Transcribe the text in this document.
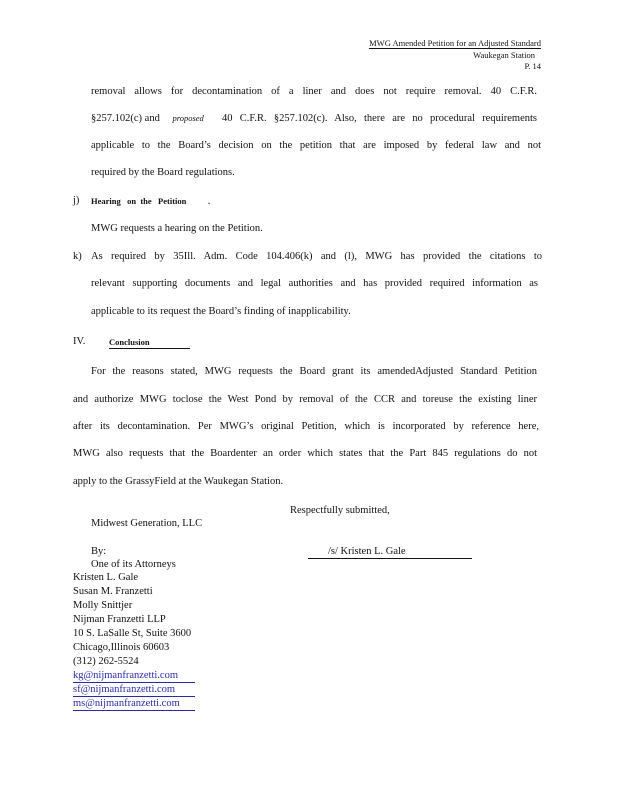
MWG Amended Petition for an Adjusted Standard
Waukegan Station
P. 14
removal allows for decontamination of a liner and does not require removal. 40 C.F.R.
§257.102(c) and proposed 40 C.F.R. §257.102(c). Also, there are no procedural requirements
applicable to the Board’s decision on the petition that are imposed by federal law and not
required by the Board regulations.
j) Hearing   on  the   Petition	.
MWG requests a hearing on the Petition.
k) As required by 35Ill. Adm. Code 104.406(k) and (l), MWG has provided the citations to
relevant supporting documents and legal authorities and has provided required information as
applicable to its request the Board’s finding of inapplicability.
IV.	Conclusion
For the reasons stated, MWG requests the Board grant its amendedAdjusted Standard Petition
and authorize MWG toclose the West Pond by removal of the CCR and toreuse the existing liner
after its decontamination. Per MWG’s original Petition, which is incorporated by reference here,
MWG also requests that the Boardenter an order which states that the Part 845 regulations do not
apply to the GrassyField at the Waukegan Station.
Respectfully submitted,
Midwest Generation, LLC
By:	/s/ Kristen L. Gale
One of its Attorneys
Kristen L. Gale
Susan M. Franzetti
Molly Snittjer
Nijman Franzetti LLP
10 S. LaSalle St, Suite 3600
Chicago,Illinois 60603
(312) 262-5524
kg@nijmanfranzetti.com
sf@nijmanfranzetti.com
ms@nijmanfranzetti.com
